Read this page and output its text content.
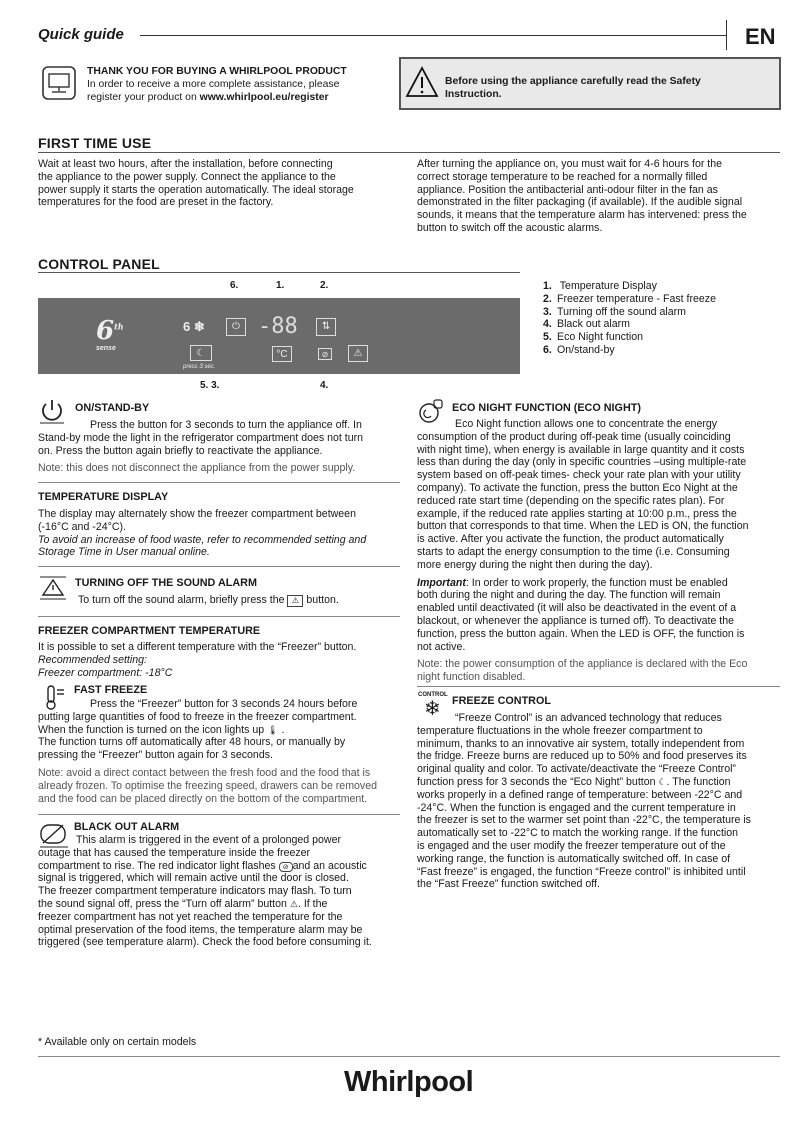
Quick guide	EN
THANK YOU FOR BUYING A WHIRLPOOL PRODUCT
In order to receive a more complete assistance, please
register your product on www.whirlpool.eu/register
Before using the appliance carefully read the Safety
Instruction.
FIRST TIME USE
Wait at least two hours, after the installation, before connecting
the appliance to the power supply. Connect the appliance to the
power supply it starts the operation automatically. The ideal storage
temperatures for the food are preset in the factory.
After turning the appliance on, you must wait for 4-6 hours for the
correct storage temperature to be reached for a normally filled
appliance. Position the antibacterial anti-odour filter in the fan as
demonstrated in the filter packaging (if available). If the audible signal
sounds, it means that the temperature alarm has intervened: press the
button to switch off the acoustic alarms.
CONTROL PANEL
6.	1.	2.
6th
sense
6 ❄	⏻ -88	⇅
☾	°C	⊘	⚠
press 3 sec.
5. 3.	4.
1. Temperature Display
2. Freezer temperature - Fast freeze
3. Turning off the sound alarm
4. Black out alarm
5. Eco Night function
6. On/stand-by
ON/STAND-BY
Press the button for 3 seconds to turn the appliance off. In
Stand-by mode the light in the refrigerator compartment does not turn
on. Press the button again briefly to reactivate the appliance.
Note: this does not disconnect the appliance from the power supply.
TEMPERATURE DISPLAY
The display may alternately show the freezer compartment between
(-16°C and -24°C).
To avoid an increase of food waste, refer to recommended setting and
Storage Time in User manual online.
TURNING OFF THE SOUND ALARM
To turn off the sound alarm, briefly press the ⚠ button.
FREEZER COMPARTMENT TEMPERATURE
It is possible to set a different temperature with the “Freezer” button.
Recommended setting:
Freezer compartment: -18°C
FAST FREEZE
Press the “Freezer” button for 3 seconds 24 hours before
putting large quantities of food to freeze in the freezer compartment.
When the function is turned on the icon lights up 🌡 .
The function turns off automatically after 48 hours, or manually by
pressing the “Freezer” button again for 3 seconds.
Note: avoid a direct contact between the fresh food and the food that is
already frozen. To optimise the freezing speed, drawers can be removed
and the food can be placed directly on the bottom of the compartment.
BLACK OUT ALARM
This alarm is triggered in the event of a prolonged power
outage that has caused the temperature inside the freezer
compartment to rise. The red indicator light flashes ⊘ and an acoustic
signal is triggered, which will remain active until the door is closed.
The freezer compartment temperature indicators may flash. To turn
the sound signal off, press the “Turn off alarm” button ⚠. If the
freezer compartment has not yet reached the temperature for the
optimal preservation of the food items, the temperature alarm may be
triggered (see temperature alarm). Check the food before consuming it.
ECO NIGHT FUNCTION (ECO NIGHT)
Eco Night function allows one to concentrate the energy
consumption of the product during off-peak time (usually coinciding
with night time), when energy is available in large quantity and it costs
less than during the day (only in specific countries –using multiple-rate
system based on off-peak times- check your rate plan with your utility
company). To activate the function, press the button Eco Night at the
reduced rate start time (depending on the specific rates plan). For
example, if the reduced rate applies starting at 10:00 p.m., press the
button that corresponds to that time. When the LED is ON, the function
is active. After you activate the function, the product automatically
starts to adapt the energy consumption to the time (i.e. Consuming
more energy during the night then during the day).
Important: In order to work properly, the function must be enabled
both during the night and during the day. The function will remain
enabled until deactivated (it will also be deactivated in the event of a
blackout, or whenever the appliance is turned off). To deactivate the
function, press the button again. When the LED is OFF, the function is
not active.
Note: the power consumption of the appliance is declared with the Eco
night function disabled.
CONTROL
❄ FREEZE CONTROL
“Freeze Control” is an advanced technology that reduces
temperature fluctuations in the whole freezer compartment to
minimum, thanks to an innovative air system, totally independent from
the fridge. Freeze burns are reduced up to 50% and food preserves its
original quality and color. To activate/deactivate the “Freeze Control”
function press for 3 seconds the “Eco Night” button ☾. The function
works properly in a defined range of temperature: between -22°C and
-24°C. When the function is engaged and the current temperature in
the freezer is set to the warmer set point than -22°C, the temperature is
automatically set to -22°C to match the working range. If the function
is engaged and the user modify the freezer temperature out of the
working range, the function is automatically switched off. In case of
“Fast freeze” is engaged, the function “Freeze control” is inhibited until
the “Fast Freeze” function switched off.
* Available only on certain models
Whirlpool
